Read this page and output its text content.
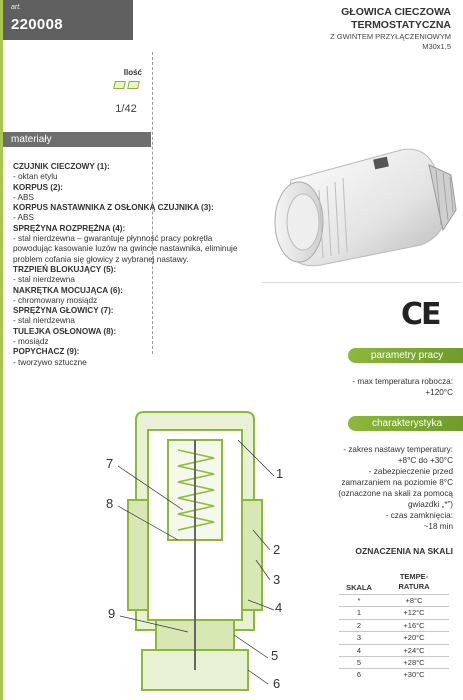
art.
220008
GŁOWICA CIECZOWA
TERMOSTATYCZNA
Z GWINTEM PRZYŁĄCZENIOWYM
M30x1,5
Ilość
1/42
materiały
CZUJNIK CIECZOWY (1):
- oktan etylu
KORPUS (2):
- ABS
KORPUS NASTAWNIKA Z OSŁONKĄ CZUJNIKA (3):
- ABS
SPRĘŻYNA ROZPRĘŻNA (4):
- stal nierdzewna – gwarantuje płynność pracy pokrętła powodując kasowanie luzów na gwincie nastawnika, eliminuje problem cofania się głowicy z wybranej nastawy.
TRZPIEŃ BLOKUJĄCY (5):
- stal nierdzewna
NAKRĘTKA MOCUJĄCA (6):
- chromowany mosiądz
SPRĘŻYNA GŁOWICY (7):
- stal nierdzewna
TULEJKA OSŁONOWA (8):
- mosiądz
POPYCHACZ (9):
- tworzywo sztuczne
CE
parametry pracy
- max temperatura robocza:
+120°C
charakterystyka
- zakres nastawy temperatury:
+8°C do +30°C
- zabezpieczenie przed
zamarzaniem na poziomie 8°C
(oznaczone na skali za pomocą
gwiazdki „*”)
- czas zamknięcia:
~18 min
OZNACZENIA NA SKALI
SKALA
TEMPE-
RATURA
*	+8°C
1	+12°C
2	+16°C
3	+20°C
4	+24°C
5	+28°C
6	+30°C
1
2
3
4
5
6
7
8
9
